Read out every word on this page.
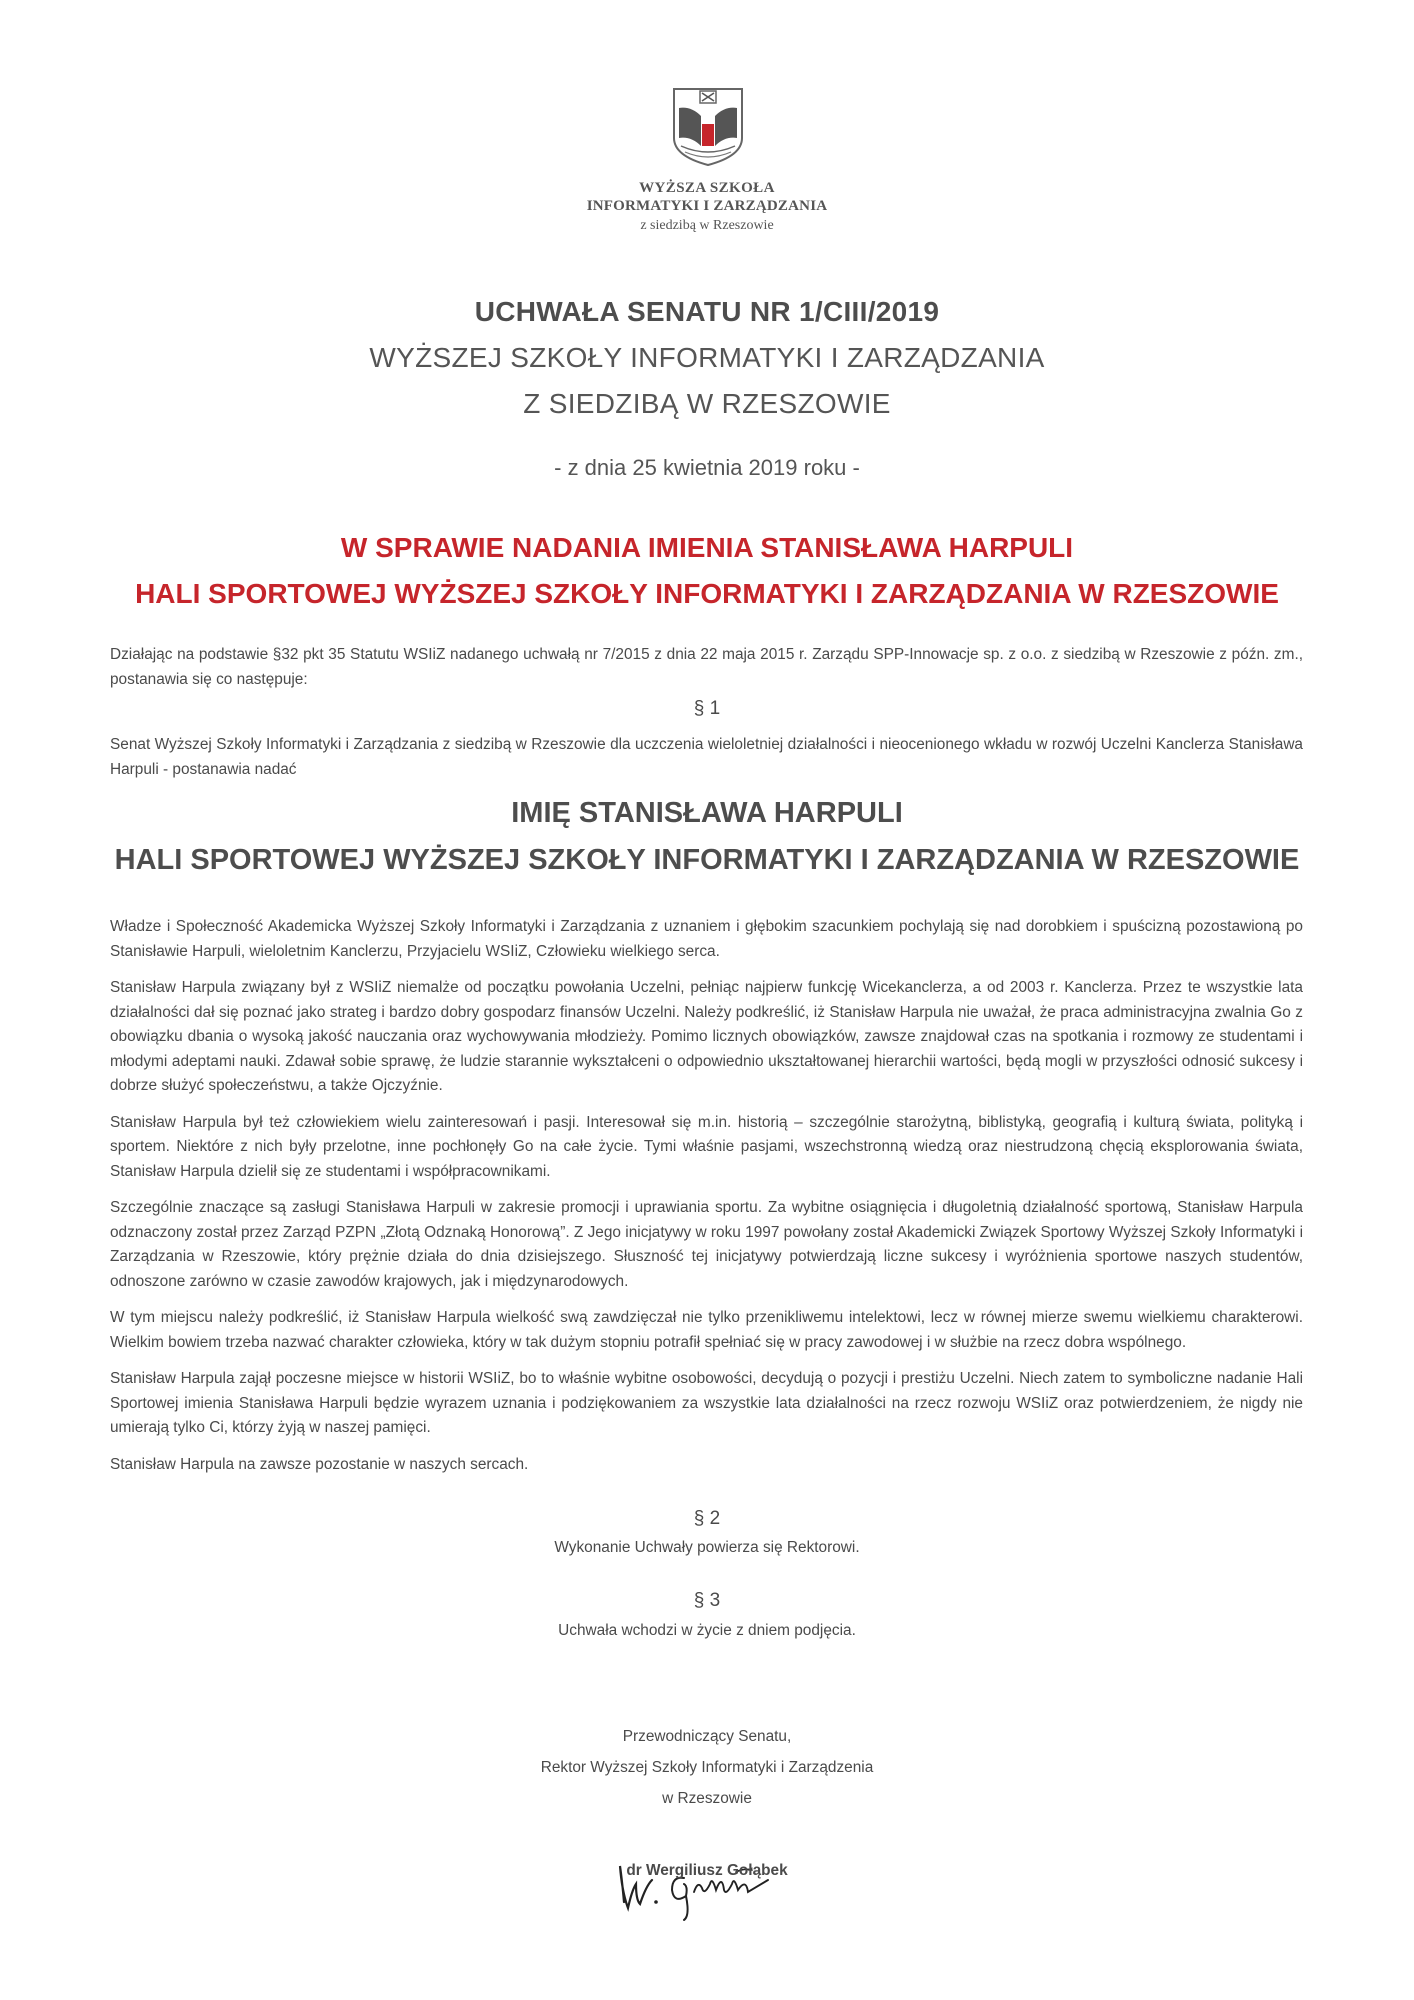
WYŻSZA SZKOŁA
INFORMATYKI I ZARZĄDZANIA
z siedzibą w Rzeszowie
UCHWAŁA SENATU NR 1/CIII/2019
WYŻSZEJ SZKOŁY INFORMATYKI I ZARZĄDZANIA
Z SIEDZIBĄ W RZESZOWIE
- z dnia 25 kwietnia 2019 roku -
W SPRAWIE NADANIA IMIENIA STANISŁAWA HARPULI
HALI SPORTOWEJ WYŻSZEJ SZKOŁY INFORMATYKI I ZARZĄDZANIA W RZESZOWIE
Działając na podstawie §32 pkt 35 Statutu WSIiZ nadanego uchwałą nr 7/2015 z dnia 22 maja 2015 r. Zarządu SPP-Innowacje sp. z o.o. z siedzibą w Rzeszowie z późn. zm., postanawia się co następuje:
§ 1
Senat Wyższej Szkoły Informatyki i Zarządzania z siedzibą w Rzeszowie dla uczczenia wieloletniej działalności i nieocenionego wkładu w rozwój Uczelni Kanclerza Stanisława Harpuli - postanawia nadać
IMIĘ STANISŁAWA HARPULI
HALI SPORTOWEJ WYŻSZEJ SZKOŁY INFORMATYKI I ZARZĄDZANIA W RZESZOWIE

Władze i Społeczność Akademicka Wyższej Szkoły Informatyki i Zarządzania z uznaniem i głębokim szacunkiem pochylają się nad dorobkiem i spuścizną pozostawioną po Stanisławie Harpuli, wieloletnim Kanclerzu, Przyjacielu WSIiZ, Człowieku wielkiego serca.

Stanisław Harpula związany był z WSIiZ niemalże od początku powołania Uczelni, pełniąc najpierw funkcję Wicekanclerza, a od 2003 r. Kanclerza. Przez te wszystkie lata działalności dał się poznać jako strateg i bardzo dobry gospodarz finansów Uczelni. Należy podkreślić, iż Stanisław Harpula nie uważał, że praca administracyjna zwalnia Go z obowiązku dbania o wysoką jakość nauczania oraz wychowywania młodzieży. Pomimo licznych obowiązków, zawsze znajdował czas na spotkania i rozmowy ze studentami i młodymi adeptami nauki. Zdawał sobie sprawę, że ludzie starannie wykształceni o odpowiednio ukształtowanej hierarchii wartości, będą mogli w przyszłości odnosić sukcesy i dobrze służyć społeczeństwu, a także Ojczyźnie.

Stanisław Harpula był też człowiekiem wielu zainteresowań i pasji. Interesował się m.in. historią – szczególnie starożytną, biblistyką, geografią i kulturą świata, polityką i sportem. Niektóre z nich były przelotne, inne pochłonęły Go na całe życie. Tymi właśnie pasjami, wszechstronną wiedzą oraz niestrudzoną chęcią eksplorowania świata, Stanisław Harpula dzielił się ze studentami i współpracownikami.

Szczególnie znaczące są zasługi Stanisława Harpuli w zakresie promocji i uprawiania sportu. Za wybitne osiągnięcia i długoletnią działalność sportową, Stanisław Harpula odznaczony został przez Zarząd PZPN „Złotą Odznaką Honorową”. Z Jego inicjatywy w roku 1997 powołany został Akademicki Związek Sportowy Wyższej Szkoły Informatyki i Zarządzania w Rzeszowie, który prężnie działa do dnia dzisiejszego. Słuszność tej inicjatywy potwierdzają liczne sukcesy i wyróżnienia sportowe naszych studentów, odnoszone zarówno w czasie zawodów krajowych, jak i międzynarodowych.

W tym miejscu należy podkreślić, iż Stanisław Harpula wielkość swą zawdzięczał nie tylko przenikliwemu intelektowi, lecz w równej mierze swemu wielkiemu charakterowi. Wielkim bowiem trzeba nazwać charakter człowieka, który w tak dużym stopniu potrafił spełniać się w pracy zawodowej i w służbie na rzecz dobra wspólnego.

Stanisław Harpula zajął poczesne miejsce w historii WSIiZ, bo to właśnie wybitne osobowości, decydują o pozycji i prestiżu Uczelni. Niech zatem to symboliczne nadanie Hali Sportowej imienia Stanisława Harpuli będzie wyrazem uznania i podziękowaniem za wszystkie lata działalności na rzecz rozwoju WSIiZ oraz potwierdzeniem, że nigdy nie umierają tylko Ci, którzy żyją w naszej pamięci.

Stanisław Harpula na zawsze pozostanie w naszych sercach.

§ 2
Wykonanie Uchwały powierza się Rektorowi.
§ 3
Uchwała wchodzi w życie z dniem podjęcia.
Przewodniczący Senatu,
Rektor Wyższej Szkoły Informatyki i Zarządzenia
w Rzeszowie
dr Wergiliusz Gołąbek
